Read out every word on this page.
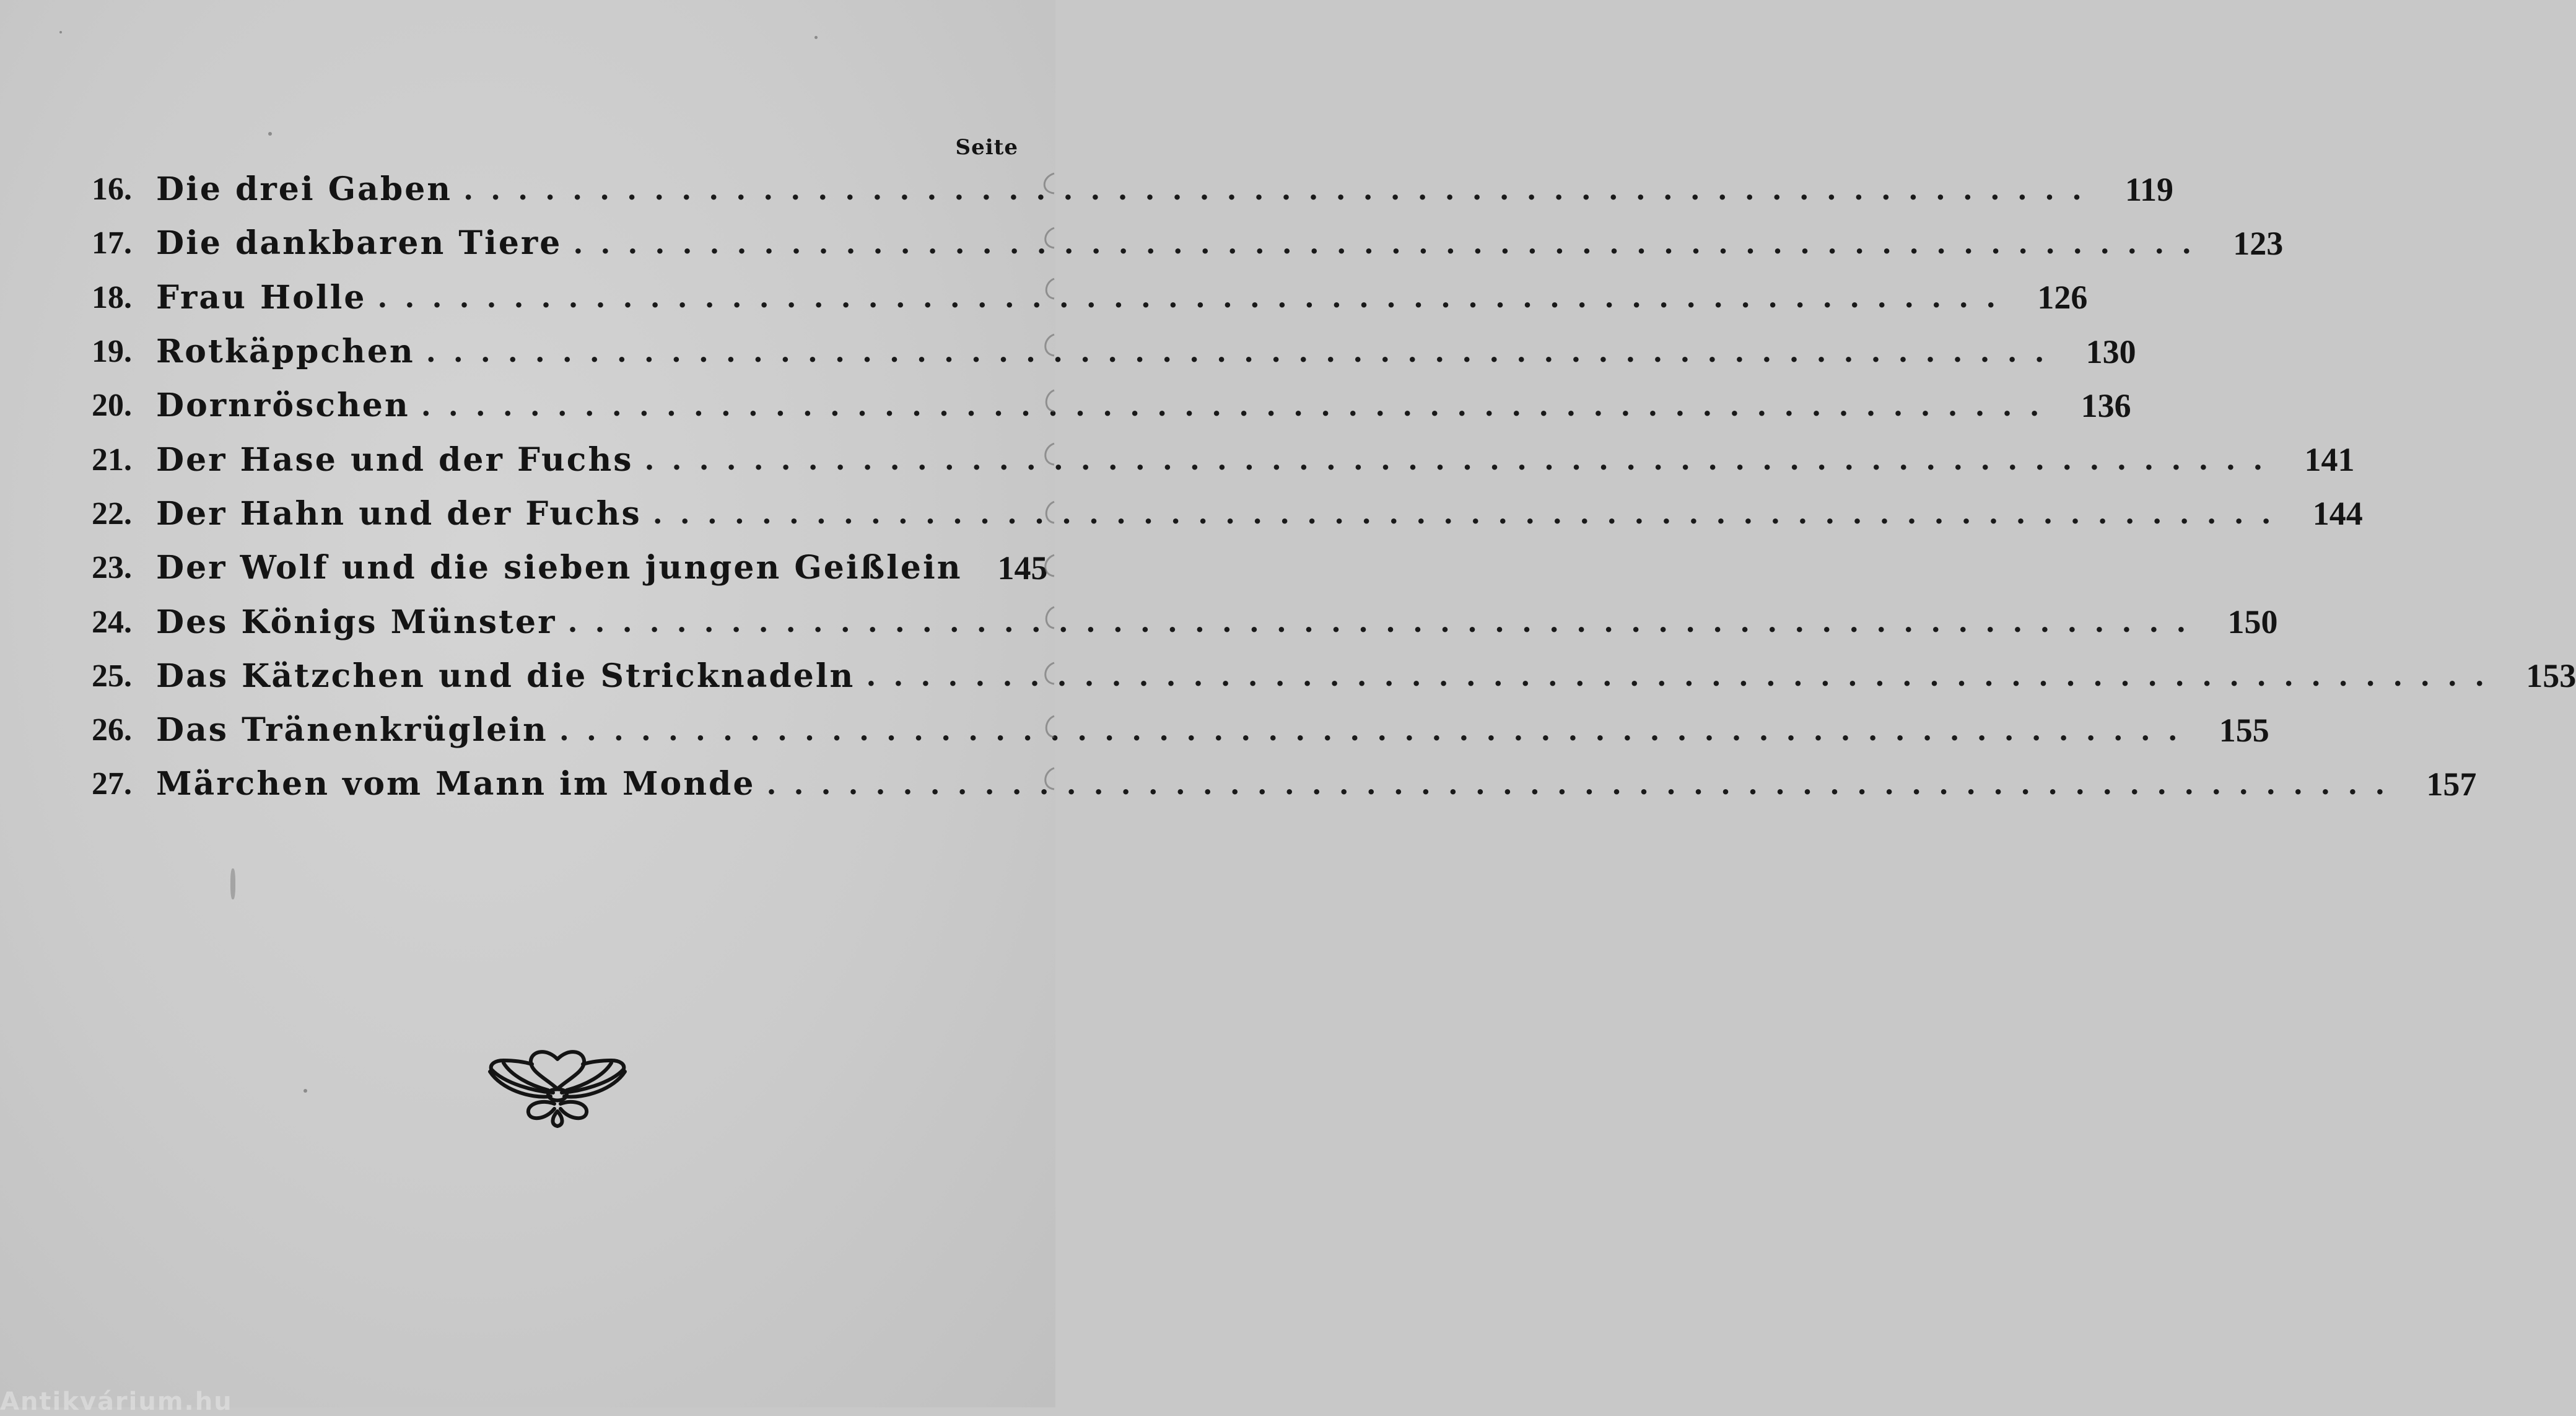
Seite
16. Die drei Gaben ............................................................ 119
17. Die dankbaren Tiere ............................................................ 123
18. Frau Holle ............................................................ 126
19. Rotkäppchen ............................................................ 130
20. Dornröschen ............................................................ 136
21. Der Hase und der Fuchs ............................................................ 141
22. Der Hahn und der Fuchs ............................................................ 144
23. Der Wolf und die sieben jungen Geißlein	145
24. Des Königs Münster ............................................................ 150
25. Das Kätzchen und die Stricknadeln ............................................................ 153
26. Das Tränenkrüglein ............................................................ 155
27. Märchen vom Mann im Monde ............................................................ 157
Antikvárium.hu
